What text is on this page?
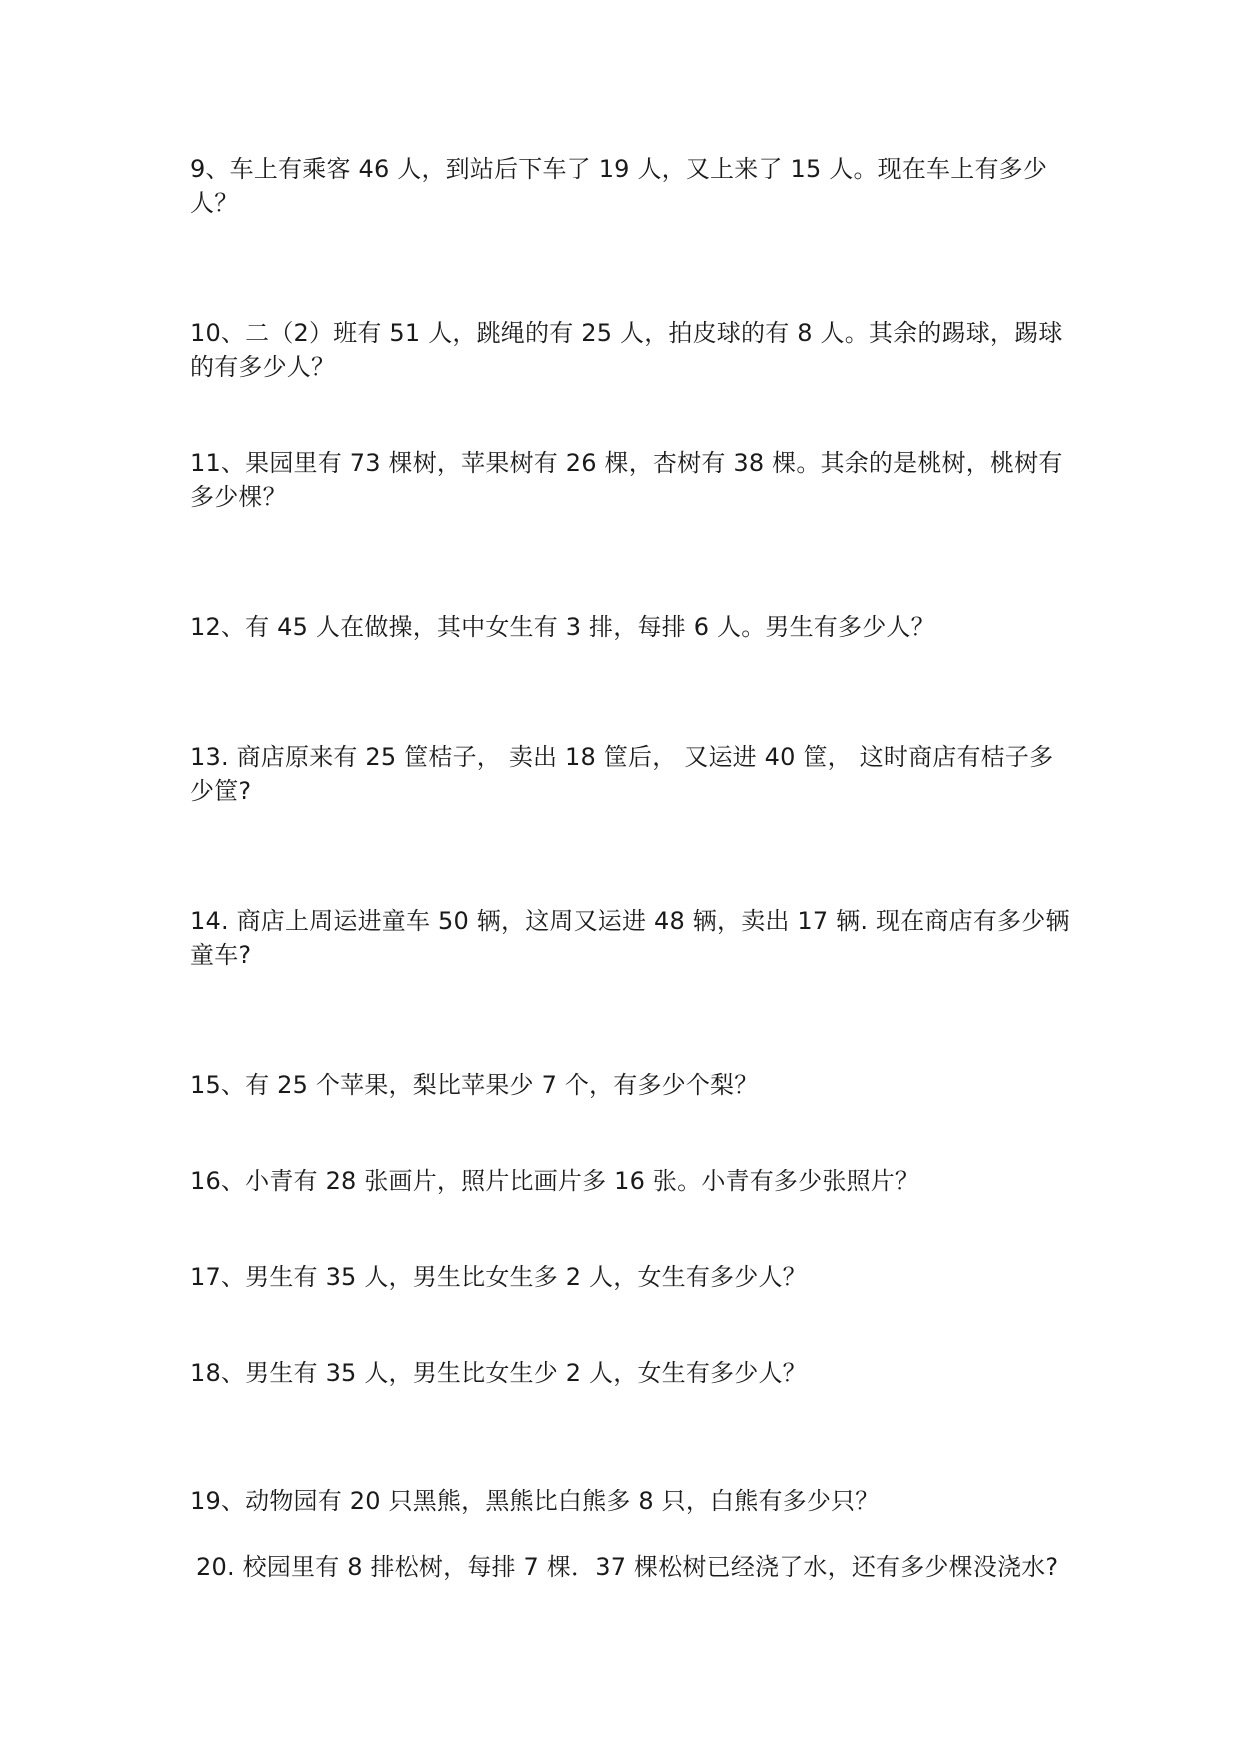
9、车上有乘客 46 人，到站后下车了 19 人，又上来了 15 人。现在车上有多少人？

10、二（2）班有 51 人，跳绳的有 25 人，拍皮球的有 8 人。其余的踢球，踢球的有多少人？

11、果园里有 73 棵树，苹果树有 26 棵，杏树有 38 棵。其余的是桃树，桃树有多少棵？

12、有 45 人在做操，其中女生有 3 排，每排 6 人。男生有多少人？

13. 商店原来有 25 筐桔子， 卖出 18 筐后， 又运进 40 筐， 这时商店有桔子多少筐?

14. 商店上周运进童车 50 辆，这周又运进 48 辆，卖出 17 辆. 现在商店有多少辆童车?

15、有 25 个苹果，梨比苹果少 7 个，有多少个梨？

16、小青有 28 张画片，照片比画片多 16 张。小青有多少张照片？

17、男生有 35 人，男生比女生多 2 人，女生有多少人？

18、男生有 35 人，男生比女生少 2 人，女生有多少人？

19、动物园有 20 只黑熊，黑熊比白熊多 8 只，白熊有多少只？

20. 校园里有 8 排松树，每排 7 棵．37 棵松树已经浇了水，还有多少棵没浇水?
